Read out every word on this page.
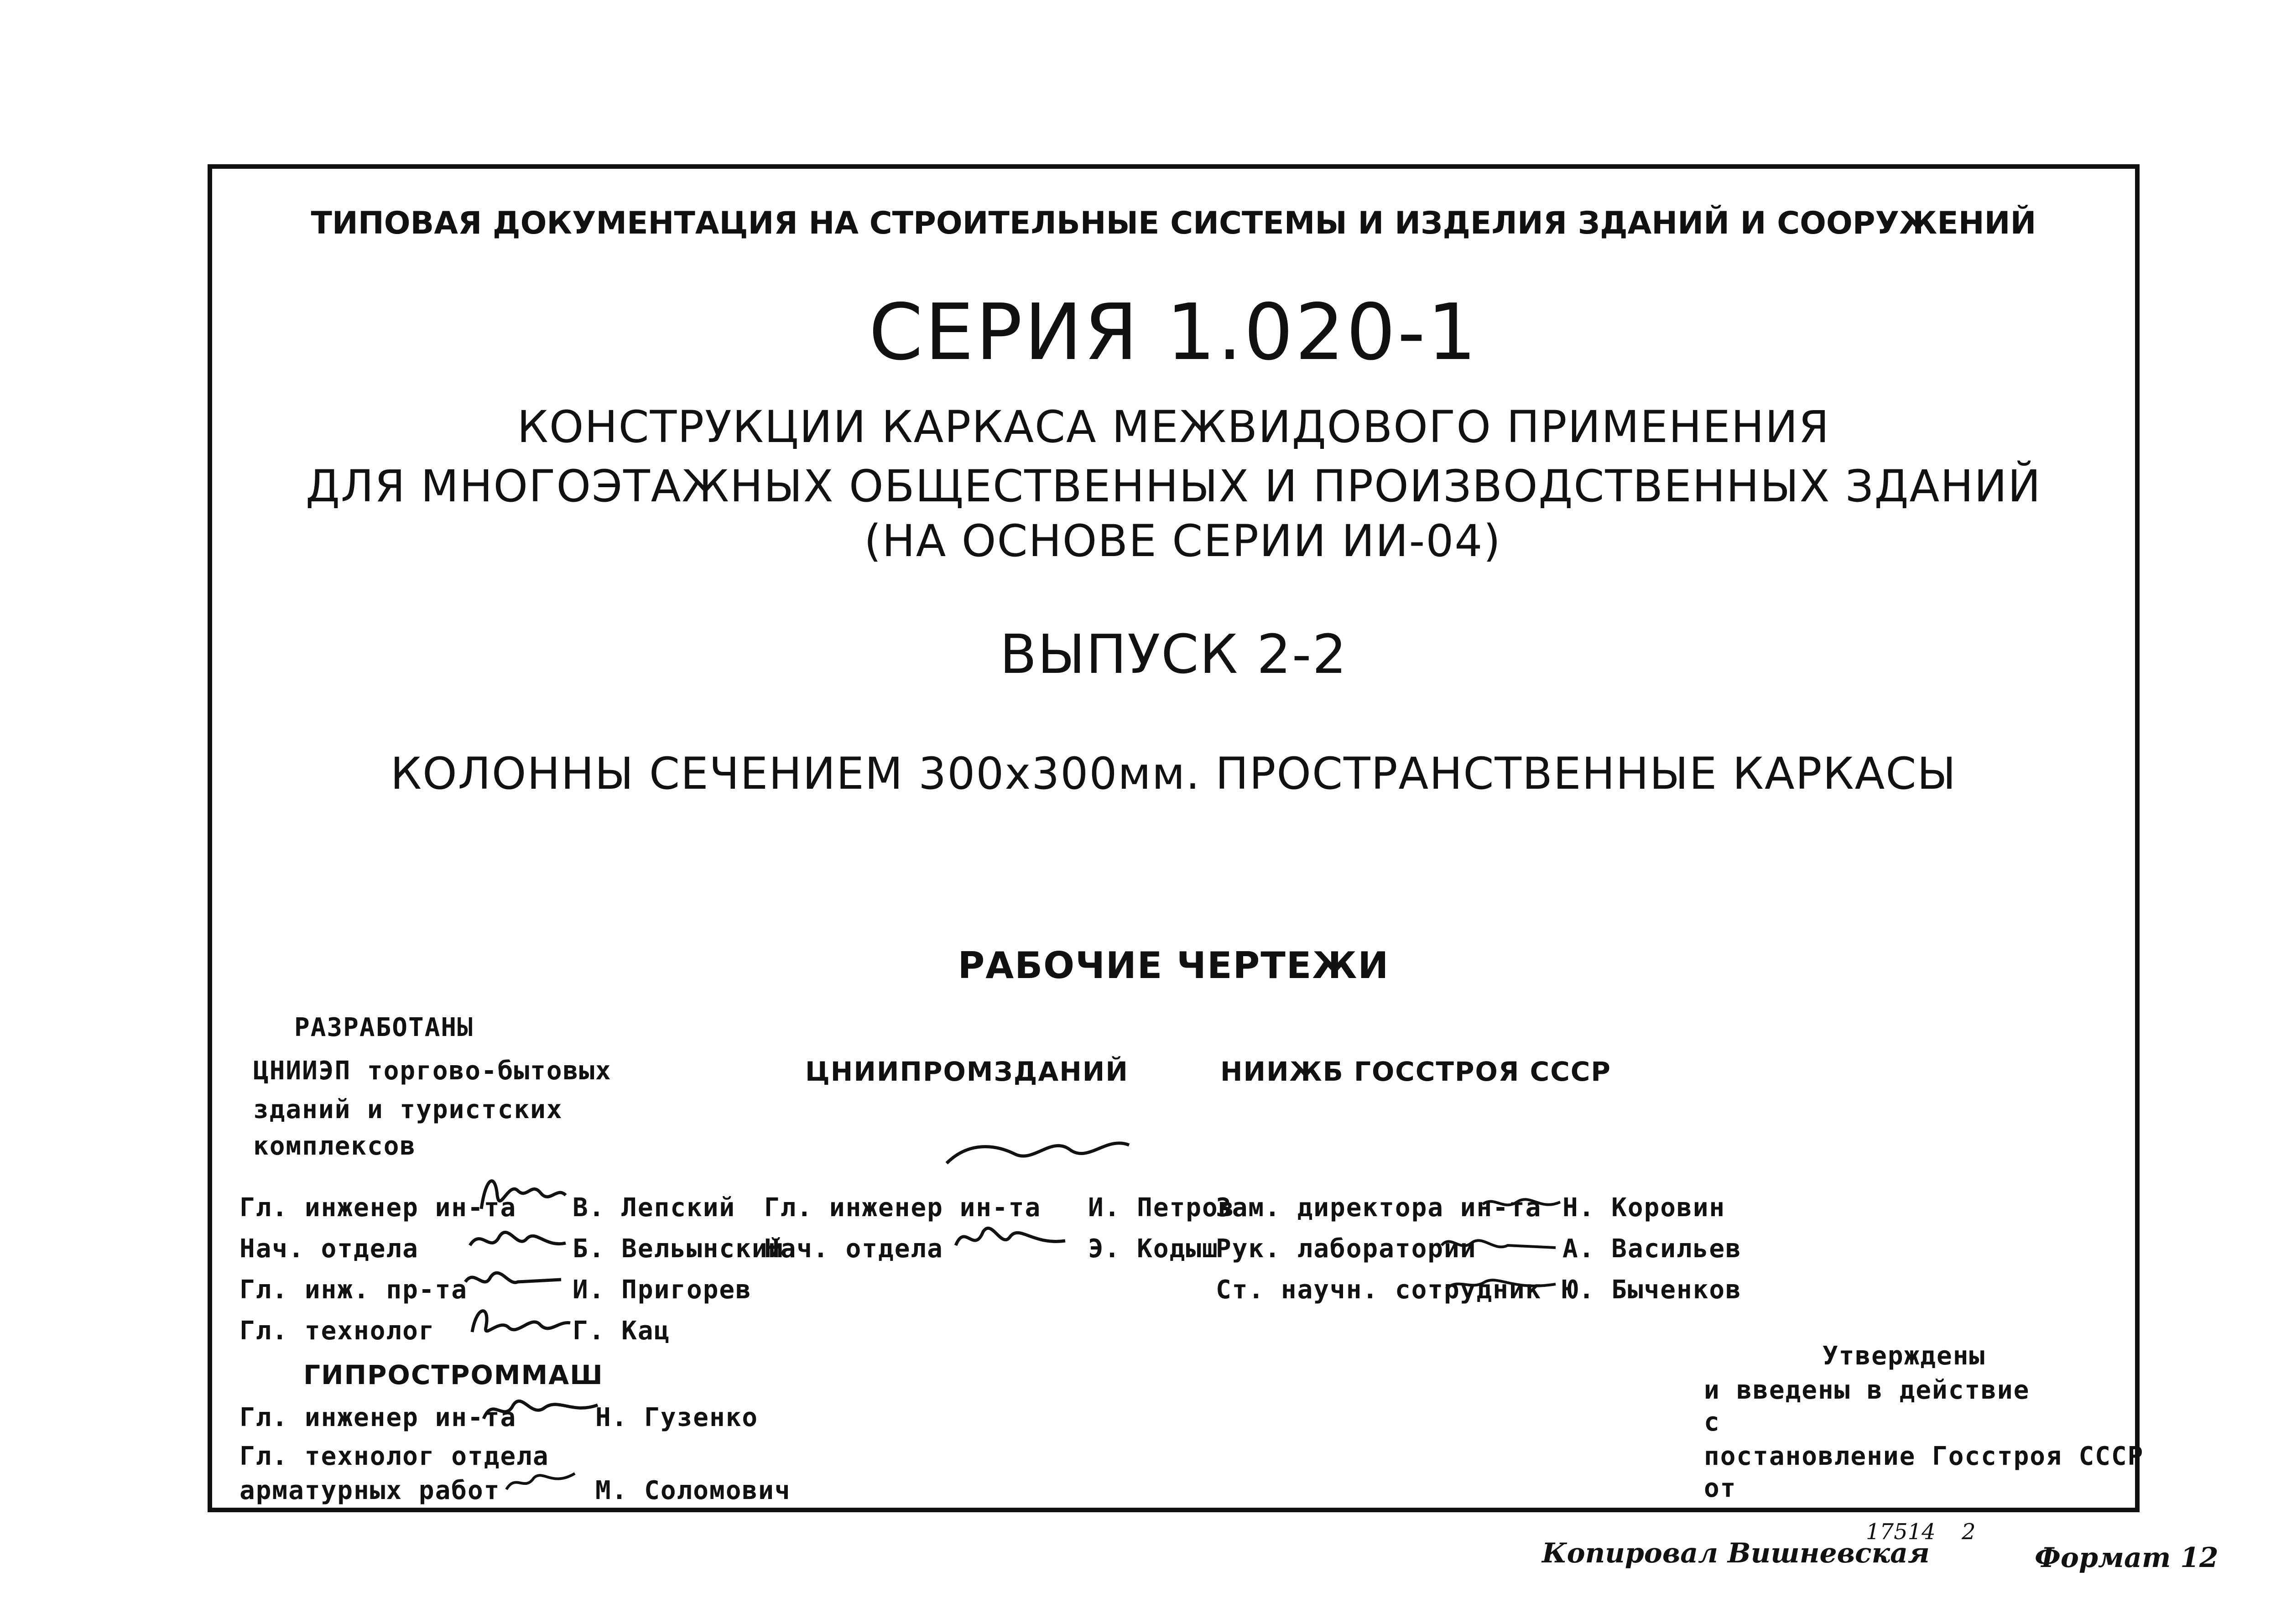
ТИПОВАЯ ДОКУМЕНТАЦИЯ НА СТРОИТЕЛЬНЫЕ СИСТЕМЫ И ИЗДЕЛИЯ ЗДАНИЙ И СООРУЖЕНИЙ
СЕРИЯ 1.020-1
КОНСТРУКЦИИ КАРКАСА МЕЖВИДОВОГО ПРИМЕНЕНИЯ
ДЛЯ МНОГОЭТАЖНЫХ ОБЩЕСТВЕННЫХ И ПРОИЗВОДСТВЕННЫХ ЗДАНИЙ
(НА ОСНОВЕ СЕРИИ ИИ-04)
ВЫПУСК 2-2
КОЛОННЫ СЕЧЕНИЕМ 300x300мм. ПРОСТРАНСТВЕННЫЕ КАРКАСЫ
РАБОЧИЕ ЧЕРТЕЖИ
РАЗРАБОТАНЫ
ЦНИИЭП торгово-бытовых
зданий и туристских
комплексов
ЦНИИПРОМЗДАНИЙ	НИИЖБ ГОССТРОЯ СССР
Гл. инженер ин-та В. Лепский
Нач. отдела	Б. Вельынский
Гл. инж. пр-та	И. Пригорев
Гл. технолог	Г. Кац
Гл. инженер ин-та И. Петров
Нач. отдела	Э. Кодыш
Зам. директора ин-та Н. Коровин
Рук. лаборатории	А. Васильев
Ст. научн. сотрудник Ю. Быченков
ГИПРОСТРОММАШ
Гл. инженер ин-та	Н. Гузенко
Гл. технолог отдела
арматурных работ	М. Соломович
Утверждены
и введены в действие
с
постановление Госстроя СССР
от
Копировал Вишневская
17514 2
Формат 12
